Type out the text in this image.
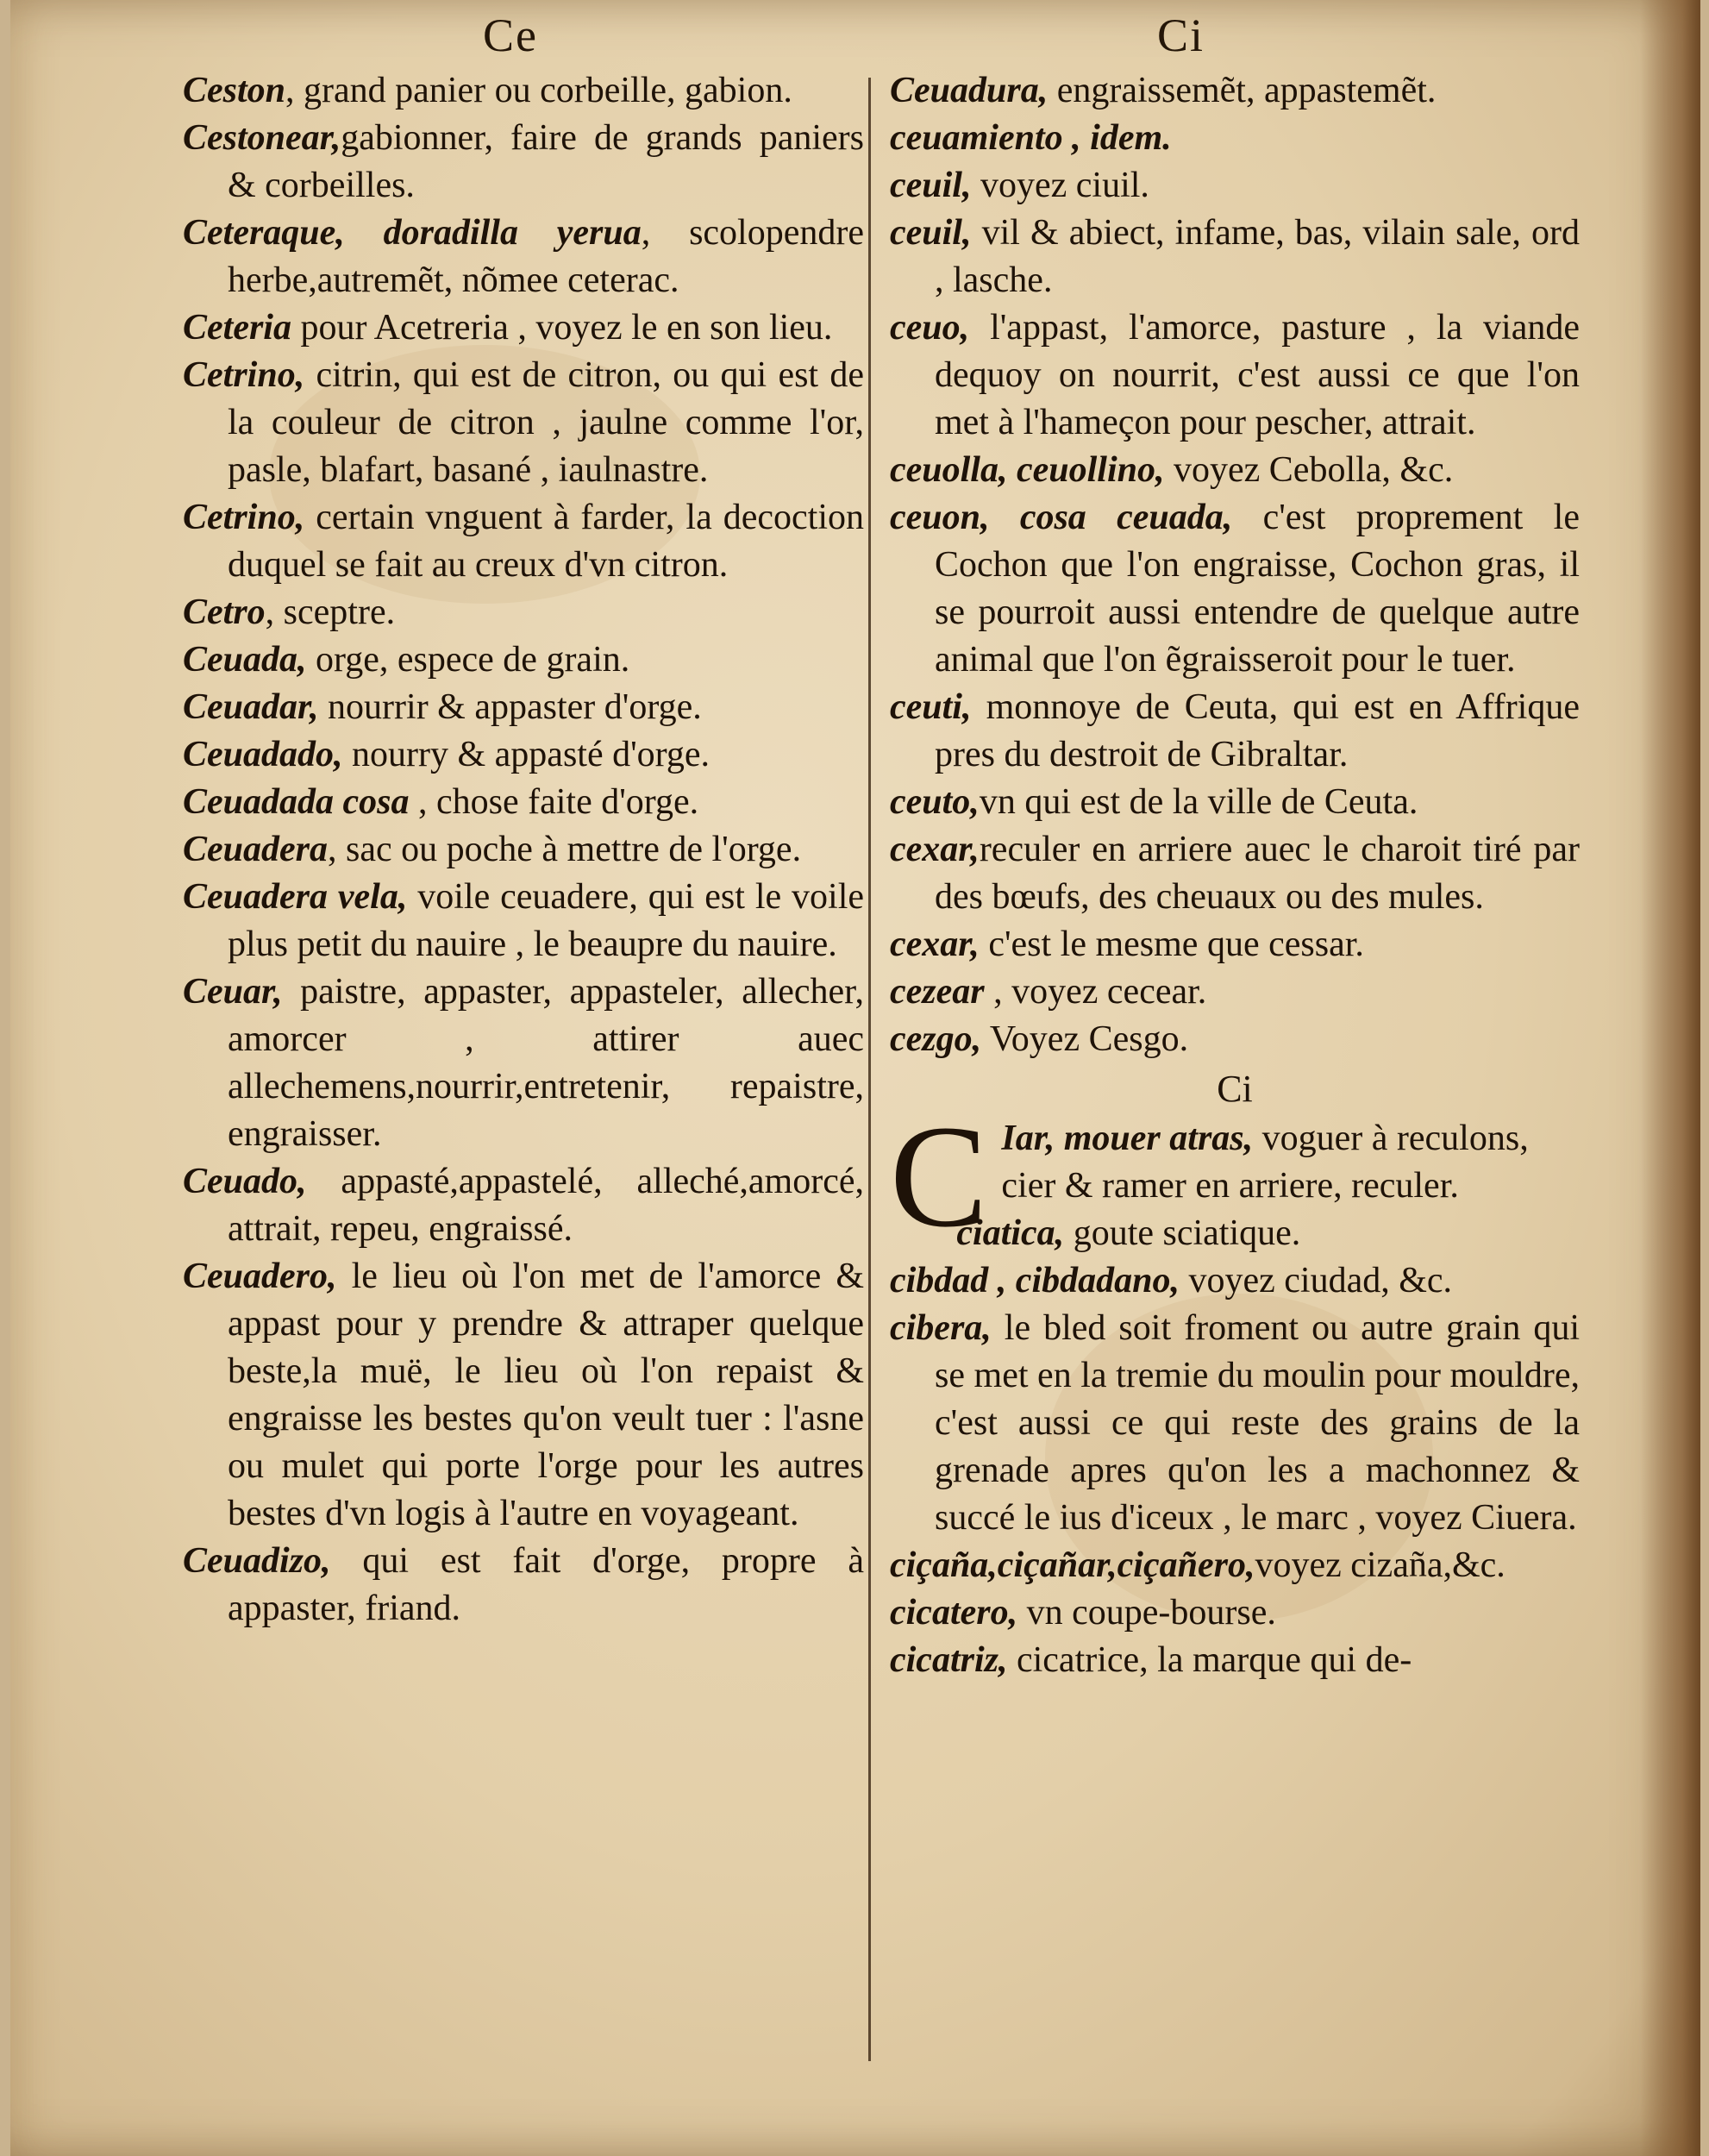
Ce	Ci

Ceston, grand panier ou corbeille, gabion.

Cestonear,gabionner, faire de grands paniers & corbeilles.

Ceteraque, doradilla yerua, scolopendre herbe,autremẽt, nõmee ceterac.

Ceteria pour Acetreria , voyez le en son lieu.

Cetrino, citrin, qui est de citron, ou qui est de la couleur de citron , jaulne comme l'or, pasle, blafart, basané , iaulnastre.

Cetrino, certain vnguent à farder, la decoction duquel se fait au creux d'vn citron.

Cetro, sceptre.

Ceuada, orge, espece de grain.

Ceuadar, nourrir & appaster d'orge.

Ceuadado, nourry & appasté d'orge.

Ceuadada cosa , chose faite d'orge.

Ceuadera, sac ou poche à mettre de l'orge.

Ceuadera vela, voile ceuadere, qui est le voile plus petit du nauire , le beaupre du nauire.

Ceuar, paistre, appaster, appasteler, allecher, amorcer , attirer auec allechemens,nourrir,entretenir, repaistre, engraisser.

Ceuado, appasté,appastelé, alleché,amorcé, attrait, repeu, engraissé.

Ceuadero, le lieu où l'on met de l'amorce & appast pour y prendre & attraper quelque beste,la muë, le lieu où l'on repaist & engraisse les bestes qu'on veult tuer : l'asne ou mulet qui porte l'orge pour les autres bestes d'vn logis à l'autre en voyageant.

Ceuadizo, qui est fait d'orge, propre à appaster, friand.

Ceuadura, engraissemẽt, appastemẽt.

ceuamiento , idem.

ceuil, voyez ciuil.

ceuil, vil & abiect, infame, bas, vilain sale, ord , lasche.

ceuo, l'appast, l'amorce, pasture , la viande dequoy on nourrit, c'est aussi ce que l'on met à l'hameçon pour pescher, attrait.

ceuolla, ceuollino, voyez Cebolla, &c.

ceuon, cosa ceuada, c'est proprement le Cochon que l'on engraisse, Cochon gras, il se pourroit aussi entendre de quelque autre animal que l'on ẽgraisseroit pour le tuer.

ceuti, monnoye de Ceuta, qui est en Affrique pres du destroit de Gibraltar.

ceuto,vn qui est de la ville de Ceuta.

cexar,reculer en arriere auec le charoit tiré par des bœufs, des cheuaux ou des mules.

cexar, c'est le mesme que cessar.

cezear , voyez cecear.

cezgo, Voyez Cesgo.

Ci

C Iar, mouer atras, voguer à reculons, cier & ramer en arriere, reculer.

ciatica, goute sciatique.

cibdad , cibdadano, voyez ciudad, &c.

cibera, le bled soit froment ou autre grain qui se met en la tremie du moulin pour mouldre, c'est aussi ce qui reste des grains de la grenade apres qu'on les a machonnez & succé le ius d'iceux , le marc , voyez Ciuera.

ciçaña,ciçañar,ciçañero,voyez cizaña,&c.

cicatero, vn coupe-bourse.

cicatriz, cicatrice, la marque qui de-
